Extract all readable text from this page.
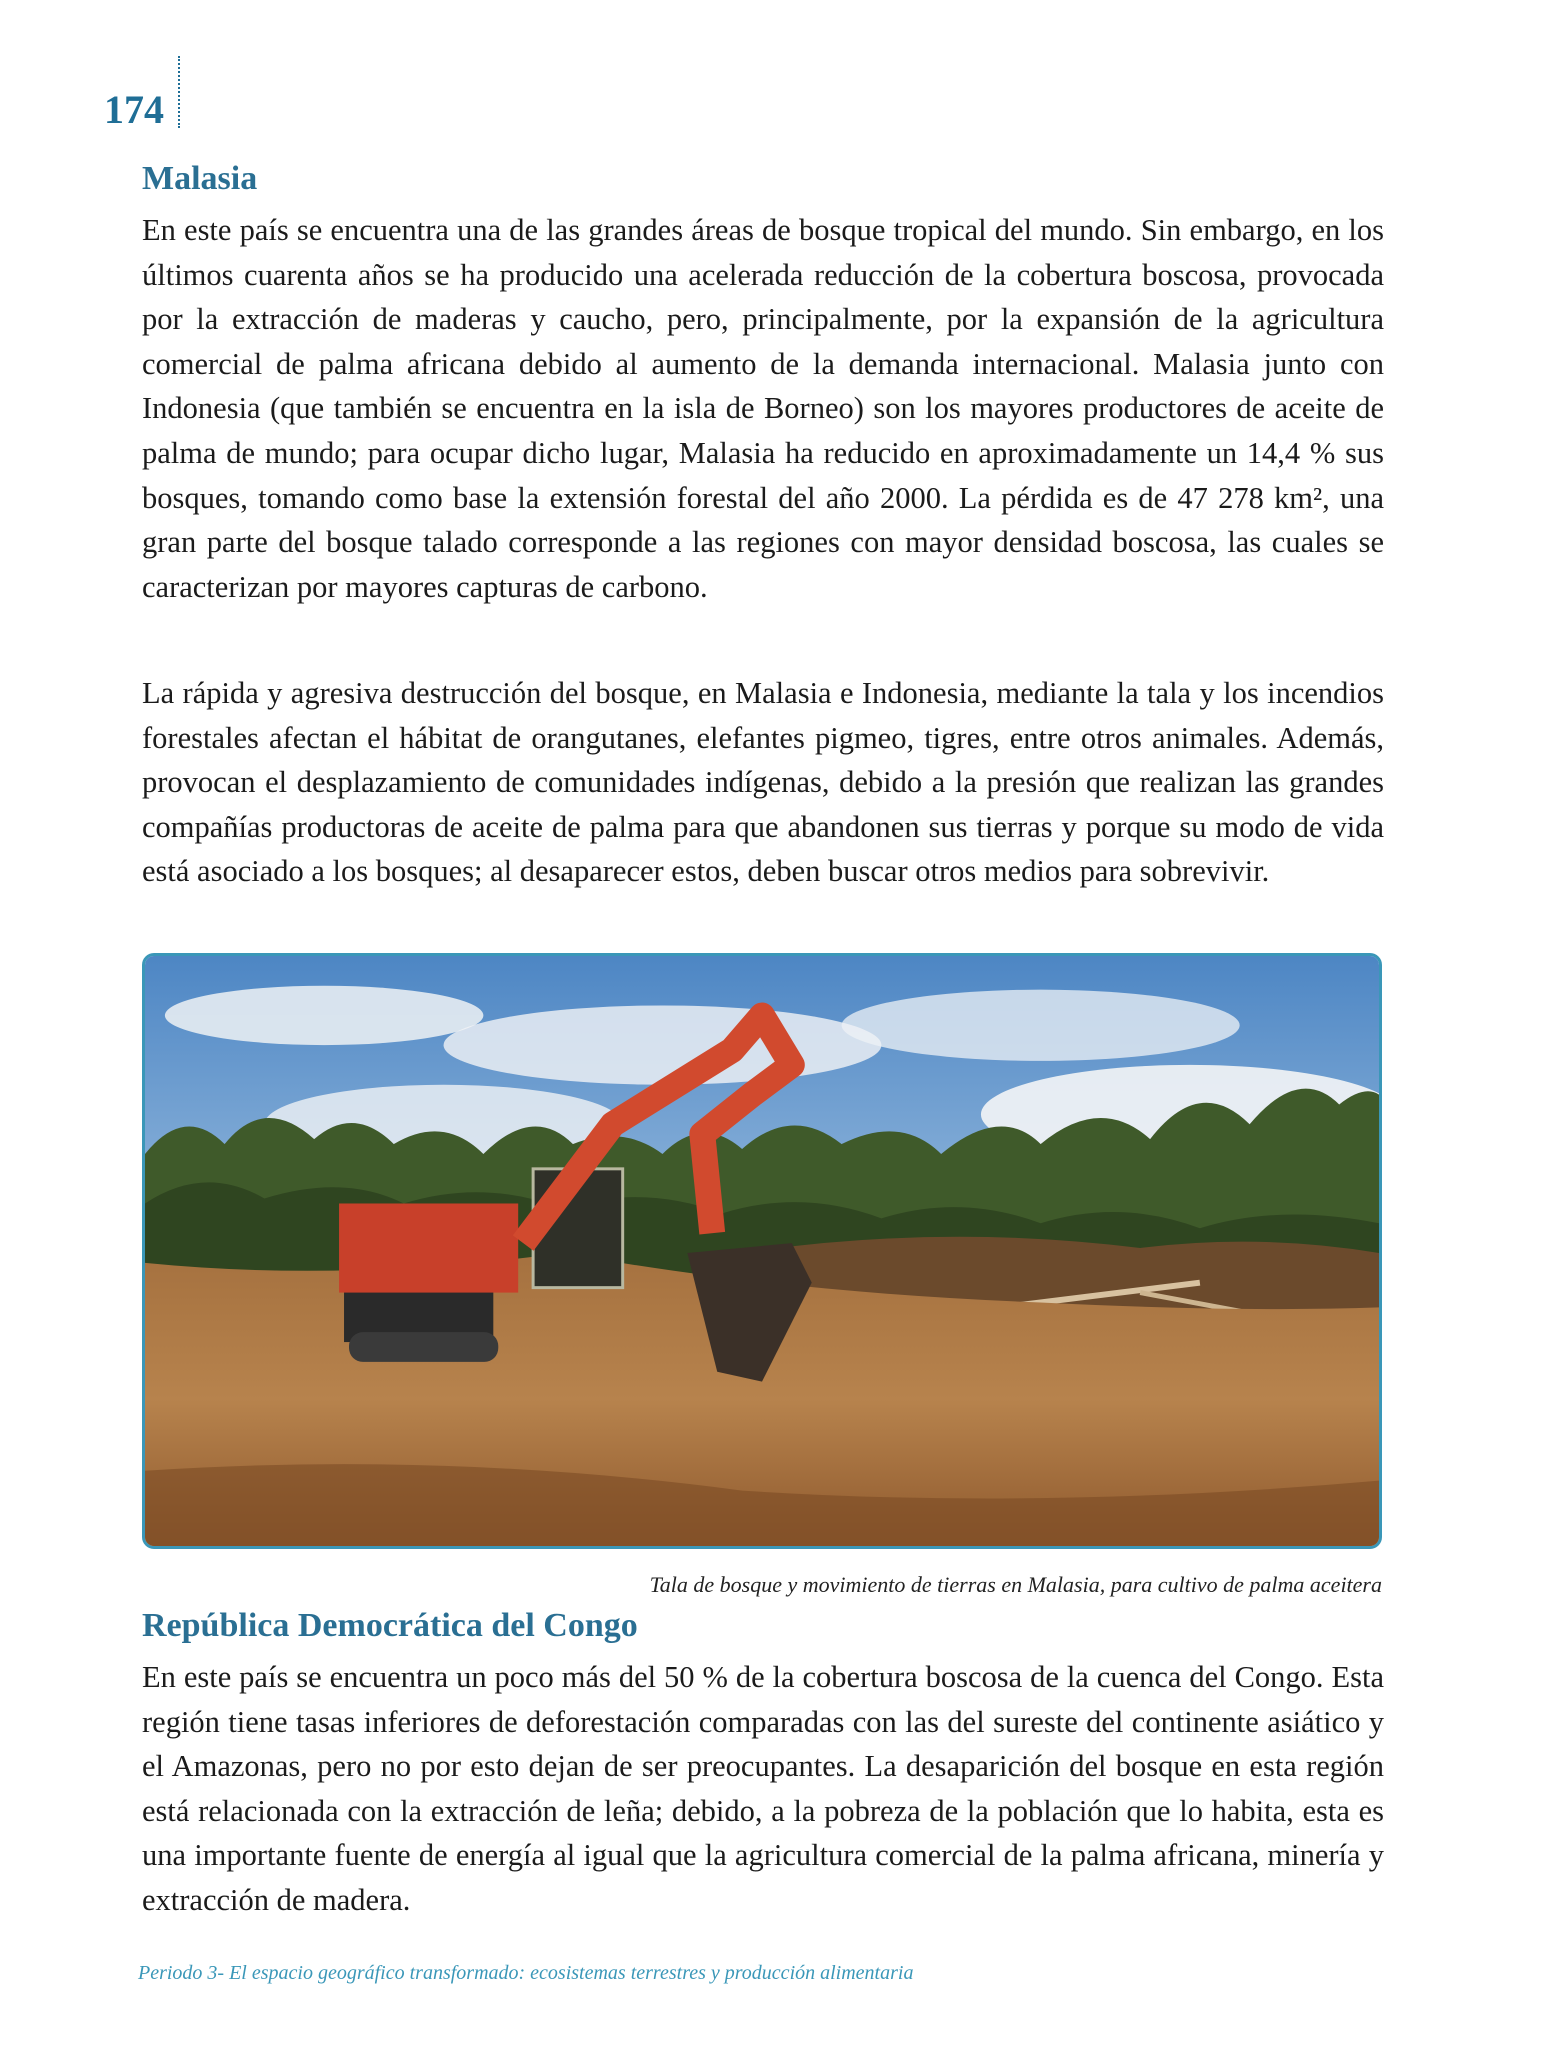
174
Malasia

En este país se encuentra una de las grandes áreas de bosque tropical del mundo. Sin embargo, en los últimos cuarenta años se ha producido una acelerada reducción de la cobertura boscosa, provocada por la extracción de maderas y caucho, pero, principalmente, por la expansión de la agricultura comercial de palma africana debido al aumento de la demanda internacional. Malasia junto con Indonesia (que también se encuentra en la isla de Borneo) son los mayores productores de aceite de palma de mundo; para ocupar dicho lugar, Malasia ha reducido en aproximadamente un 14,4 % sus bosques, tomando como base la extensión forestal del año 2000. La pérdida es de 47 278 km², una gran parte del bosque talado corresponde a las regiones con mayor densidad boscosa, las cuales se caracterizan por mayores capturas de carbono.

La rápida y agresiva destrucción del bosque, en Malasia e Indonesia, mediante la tala y los incendios forestales afectan el hábitat de orangutanes, elefantes pigmeo, tigres, entre otros animales. Además, provocan el desplazamiento de comunidades indígenas, debido a la presión que realizan las grandes compañías productoras de aceite de palma para que abandonen sus tierras y porque su modo de vida está asociado a los bosques; al desaparecer estos, deben buscar otros medios para sobrevivir.

Tala de bosque y movimiento de tierras en Malasia, para cultivo de palma aceitera
República Democrática del Congo

En este país se encuentra un poco más del 50 % de la cobertura boscosa de la cuenca del Congo. Esta región tiene tasas inferiores de deforestación comparadas con las del sureste del continente asiático y el Amazonas, pero no por esto dejan de ser preocupantes. La desaparición del bosque en esta región está relacionada con la extracción de leña; debido, a la pobreza de la población que lo habita, esta es una importante fuente de energía al igual que la agricultura comercial de la palma africana, minería y extracción de madera.

Periodo 3- El espacio geográfico transformado: ecosistemas terrestres y producción alimentaria
